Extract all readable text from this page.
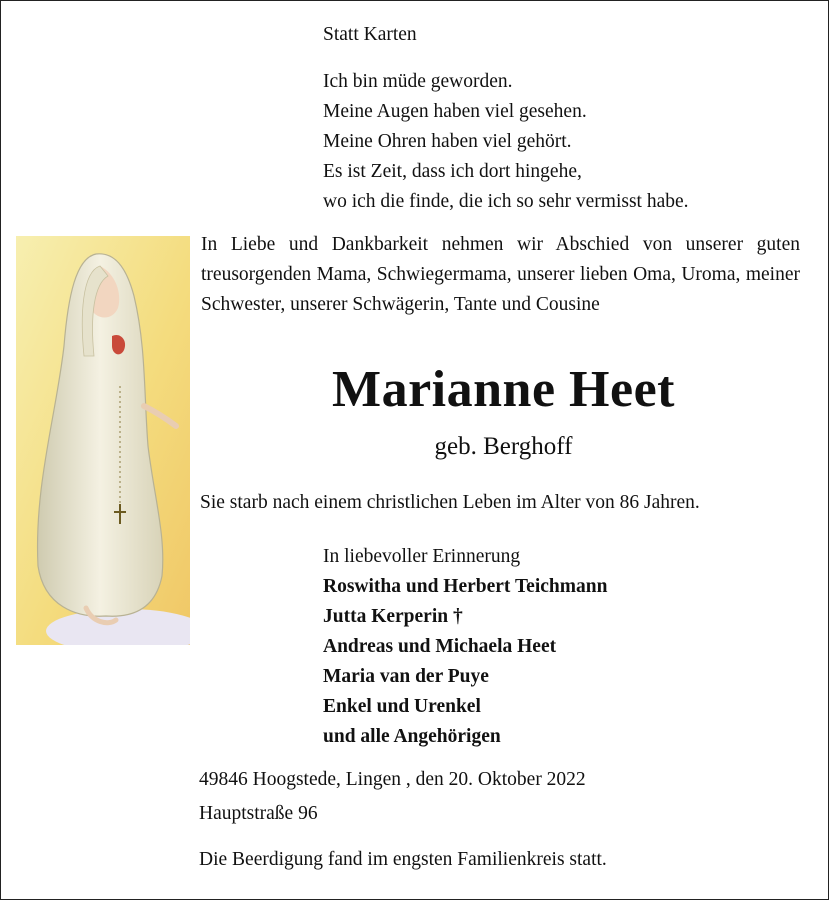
Statt Karten
Ich bin müde geworden.
Meine Augen haben viel gesehen.
Meine Ohren haben viel gehört.
Es ist Zeit, dass ich dort hingehe,
wo ich die finde, die ich so sehr vermisst habe.
In Liebe und Dankbarkeit nehmen wir Abschied von unserer guten treusorgenden Mama, Schwiegermama, unserer lieben Oma, Uroma, meiner Schwester, unserer Schwägerin, Tante und Cousine
Marianne Heet
geb. Berghoff
Sie starb nach einem christlichen Leben im Alter von 86 Jahren.
In liebevoller Erinnerung
Roswitha und Herbert Teichmann
Jutta Kerperin †
Andreas und Michaela Heet
Maria van der Puye
Enkel und Urenkel
und alle Angehörigen
49846 Hoogstede, Lingen , den 20. Oktober 2022
Hauptstraße 96
Die Beerdigung fand im engsten Familienkreis statt.
